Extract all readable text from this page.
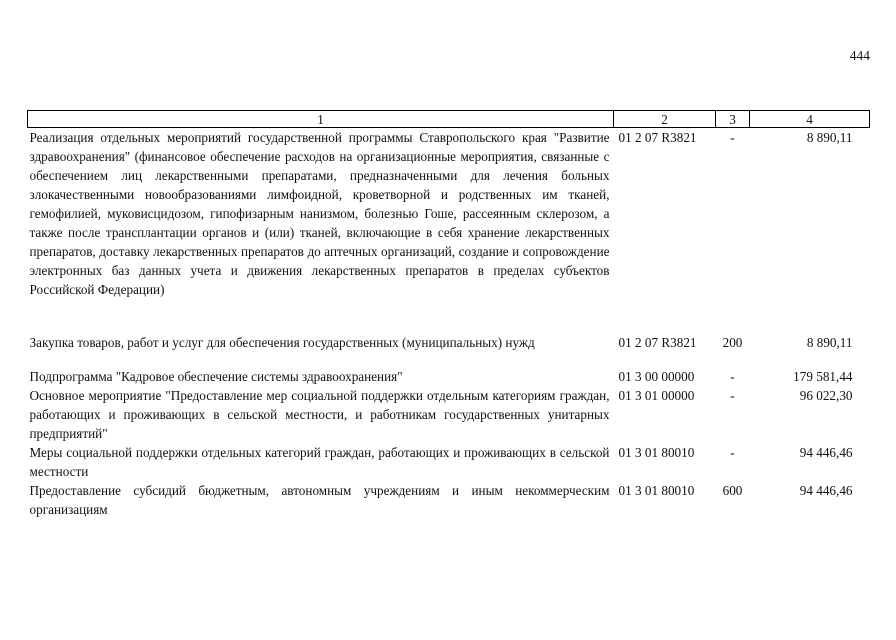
444
1	2	3	4
Реализация отдельных мероприятий государственной программы Ставропольского края "Развитие здравоохранения" (финансовое обеспечение расходов на организационные мероприятия, связанные с обеспечением лиц лекарственными препаратами, предназначенными для лечения больных злокачественными новообразованиями лимфоидной, кроветворной и родственных им тканей, гемофилией, муковисцидозом, гипофизарным нанизмом, болезнью Гоше, рассеянным склерозом, а также после трансплантации органов и (или) тканей, включающие в себя хранение лекарственных препаратов, доставку лекарственных препаратов до аптечных организаций, создание и сопровождение электронных баз данных учета и движения лекарственных препаратов в пределах субъектов Российской Федерации)	01 2 07 R3821	-	8 890,11
Закупка товаров, работ и услуг для обеспечения государственных (муниципальных) нужд	01 2 07 R3821	200	8 890,11
Подпрограмма "Кадровое обеспечение системы здравоохранения"	01 3 00 00000	-	179 581,44
Основное мероприятие "Предоставление мер социальной поддержки отдельным категориям граждан, работающих и проживающих в сельской местности, и работникам государственных унитарных предприятий"	01 3 01 00000	-	96 022,30
Меры социальной поддержки отдельных категорий граждан, работающих и проживающих в сельской местности	01 3 01 80010	-	94 446,46
Предоставление субсидий бюджетным, автономным учреждениям и иным некоммерческим организациям	01 3 01 80010	600	94 446,46
